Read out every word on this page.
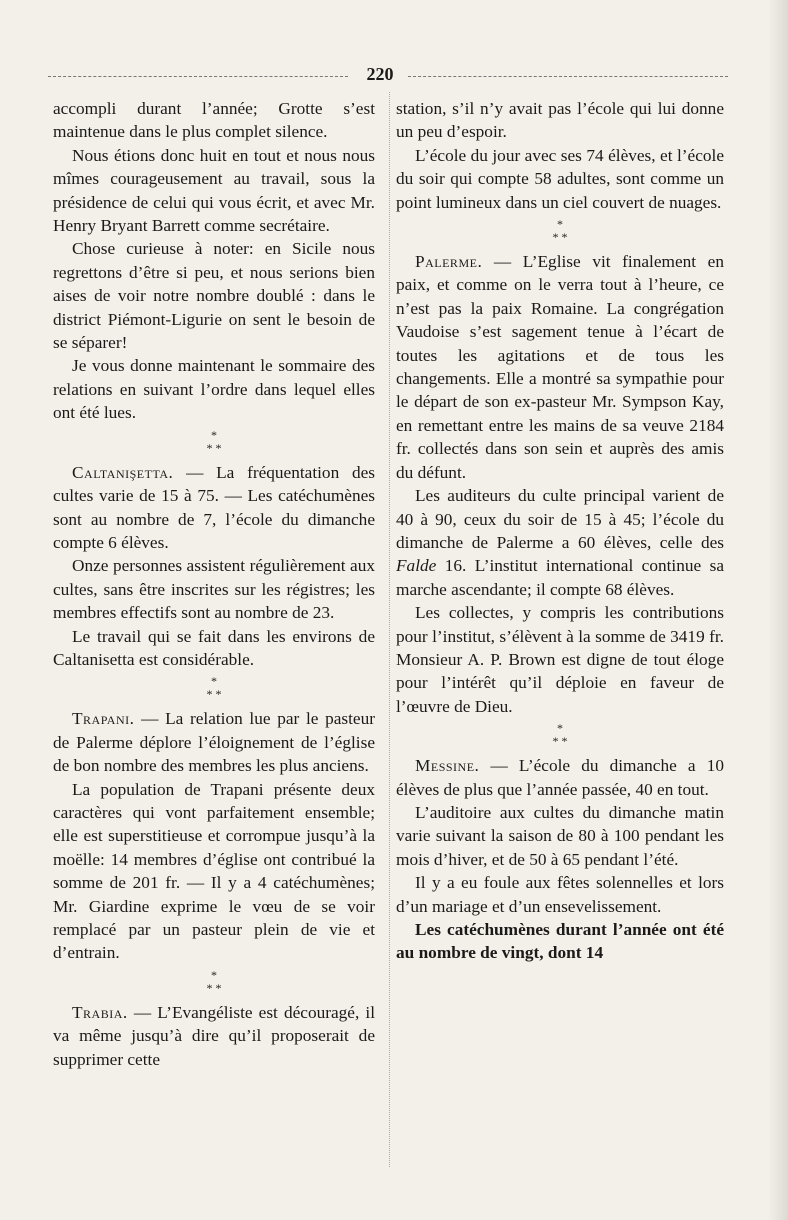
220

accompli durant l’année; Grotte s’est maintenue dans le plus complet silence.

Nous étions donc huit en tout et nous nous mîmes courageusement au travail, sous la présidence de celui qui vous écrit, et avec Mr. Henry Bryant Barrett comme secrétaire.

Chose curieuse à noter: en Sicile nous regrettons d’être si peu, et nous serions bien aises de voir notre nombre doublé : dans le district Piémont-Ligurie on sent le besoin de se séparer!

Je vous donne maintenant le sommaire des relations en suivant l’ordre dans lequel elles ont été lues.

*
* *

Caltanişetta. — La fréquentation des cultes varie de 15 à 75. — Les catéchumènes sont au nombre de 7, l’école du dimanche compte 6 élèves.

Onze personnes assistent régulièrement aux cultes, sans être inscrites sur les régistres; les membres effectifs sont au nombre de 23.

Le travail qui se fait dans les environs de Caltanisetta est considérable.

*
* *

Trapani. — La relation lue par le pasteur de Palerme déplore l’éloignement de l’église de bon nombre des membres les plus anciens.

La population de Trapani présente deux caractères qui vont parfaitement ensemble; elle est superstitieuse et corrompue jusqu’à la moëlle: 14 membres d’église ont contribué la somme de 201 fr. — Il y a 4 catéchumènes; Mr. Giardine exprime le vœu de se voir remplacé par un pasteur plein de vie et d’entrain.

*
* *

Trabia. — L’Evangéliste est découragé, il va même jusqu’à dire qu’il proposerait de supprimer cette

station, s’il n’y avait pas l’école qui lui donne un peu d’espoir.

L’école du jour avec ses 74 élèves, et l’école du soir qui compte 58 adultes, sont comme un point lumineux dans un ciel couvert de nuages.

*
* *

Palerme. — L’Eglise vit finalement en paix, et comme on le verra tout à l’heure, ce n’est pas la paix Romaine. La congrégation Vaudoise s’est sagement tenue à l’écart de toutes les agitations et de tous les changements. Elle a montré sa sympathie pour le départ de son ex-pasteur Mr. Sympson Kay, en remettant entre les mains de sa veuve 2184 fr. collectés dans son sein et auprès des amis du défunt.

Les auditeurs du culte principal varient de 40 à 90, ceux du soir de 15 à 45; l’école du dimanche de Palerme a 60 élèves, celle des Falde 16. L’institut international continue sa marche ascendante; il compte 68 élèves.

Les collectes, y compris les contributions pour l’institut, s’élèvent à la somme de 3419 fr. Monsieur A. P. Brown est digne de tout éloge pour l’intérêt qu’il déploie en faveur de l’œuvre de Dieu.

*
* *

Messine. — L’école du dimanche a 10 élèves de plus que l’année passée, 40 en tout.

L’auditoire aux cultes du dimanche matin varie suivant la saison de 80 à 100 pendant les mois d’hiver, et de 50 à 65 pendant l’été.

Il y a eu foule aux fêtes solennelles et lors d’un mariage et d’un ensevelissement.

Les catéchumènes durant l’année ont été au nombre de vingt, dont 14
